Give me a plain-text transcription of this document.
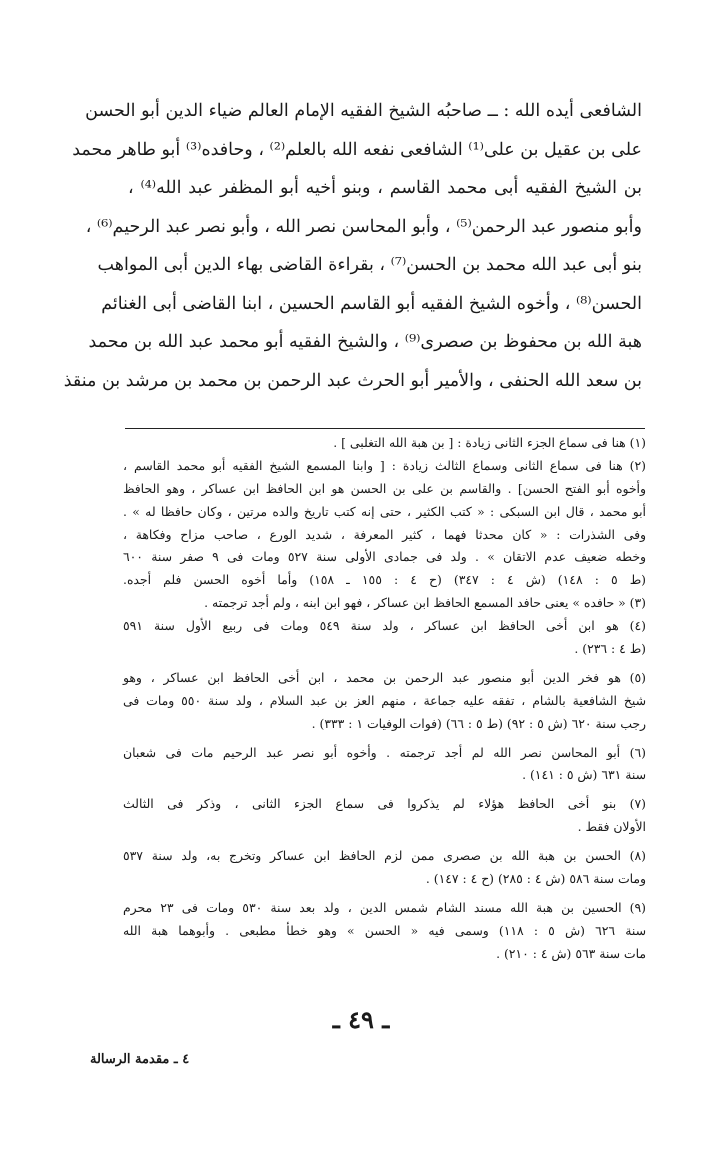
الشافعى أيده الله : ــ صاحبُه الشيخ الفقيه الإمام العالم ضياء الدين أبو الحسن
على بن عقيل بن على⁽¹⁾ الشافعى نفعه الله بالعلم⁽²⁾ ، وحافده⁽³⁾ أبو طاهر محمد
بن الشيخ الفقيه أبى محمد القاسم ، وبنو أخيه أبو المظفر عبد الله⁽⁴⁾ ،
وأبو منصور عبد الرحمن⁽⁵⁾ ، وأبو المحاسن نصر الله ، وأبو نصر عبد الرحيم⁽⁶⁾ ،
بنو أبى عبد الله محمد بن الحسن⁽⁷⁾ ، بقراءة القاضى بهاء الدين أبى المواهب
الحسن⁽⁸⁾ ، وأخوه الشيخ الفقيه أبو القاسم الحسين ، ابنا القاضى أبى الغنائم
هبة الله بن محفوظ بن صصرى⁽⁹⁾ ، والشيخ الفقيه أبو محمد عبد الله بن محمد
بن سعد الله الحنفى ، والأمير أبو الحرث عبد الرحمن بن محمد بن مرشد بن منقذ
(١) هنا فى سماع الجزء الثانى زيادة : [ بن هبة الله التغلبى ] .
(٢) هنا فى سماع الثانى وسماع الثالث زيادة : [ وابنا المسمع الشيخ الفقيه أبو محمد القاسم ،
وأخوه أبو الفتح الحسن] . والقاسم بن على بن الحسن هو ابن الحافظ ابن عساكر ، وهو الحافظ
أبو محمد ، قال ابن السبكى : « كتب الكثير ، حتى إنه كتب تاريخ والده مرتين ، وكان حافظا له » .
وفى الشذرات : « كان محدثا فهما ، كثير المعرفة ، شديد الورع ، صاحب مزاح وفكاهة ،
وخطه ضعيف عدم الاتقان » . ولد فى جمادى الأولى سنة ٥٢٧ ومات فى ٩ صفر سنة ٦٠٠
(ط ٥ : ١٤٨) (ش ٤ : ٣٤٧) (ح ٤ : ١٥٥ ـ ١٥٨) وأما أخوه الحسن فلم أجده.
(٣) « حافده » يعنى حافد المسمع الحافظ ابن عساكر ، فهو ابن ابنه ، ولم أجد ترجمته .
(٤) هو ابن أخى الحافظ ابن عساكر ، ولد سنة ٥٤٩ ومات فى ربيع الأول سنة ٥٩١
(ط ٤ : ٢٣٦) .
(٥) هو فخر الدين أبو منصور عبد الرحمن بن محمد ، ابن أخى الحافظ ابن عساكر ، وهو
شيخ الشافعية بالشام ، تفقه عليه جماعة ، منهم العز بن عبد السلام ، ولد سنة ٥٥٠ ومات فى
رجب سنة ٦٢٠ (ش ٥ : ٩٢) (ط ٥ : ٦٦) (فوات الوفيات ١ : ٣٣٣) .
(٦) أبو المحاسن نصر الله لم أجد ترجمته . وأخوه أبو نصر عبد الرحيم مات فى شعبان
سنة ٦٣١ (ش ٥ : ١٤١) .
(٧) بنو أخى الحافظ هؤلاء لم يذكروا فى سماع الجزء الثانى ، وذكر فى الثالث
الأولان فقط .
(٨) الحسن بن هبة الله بن صصرى ممن لزم الحافظ ابن عساكر وتخرج به، ولد سنة ٥٣٧
ومات سنة ٥٨٦ (ش ٤ : ٢٨٥) (ح ٤ : ١٤٧) .
(٩) الحسين بن هبة الله مسند الشام شمس الدين ، ولد بعد سنة ٥٣٠ ومات فى ٢٣ محرم
سنة ٦٢٦ (ش ٥ : ١١٨) وسمى فيه « الحسن » وهو خطأ مطبعى . وأبوهما هبة الله
مات سنة ٥٦٣ (ش ٤ : ٢١٠) .
ـ ٤٩ ـ
٤ ـ مقدمة الرسالة
